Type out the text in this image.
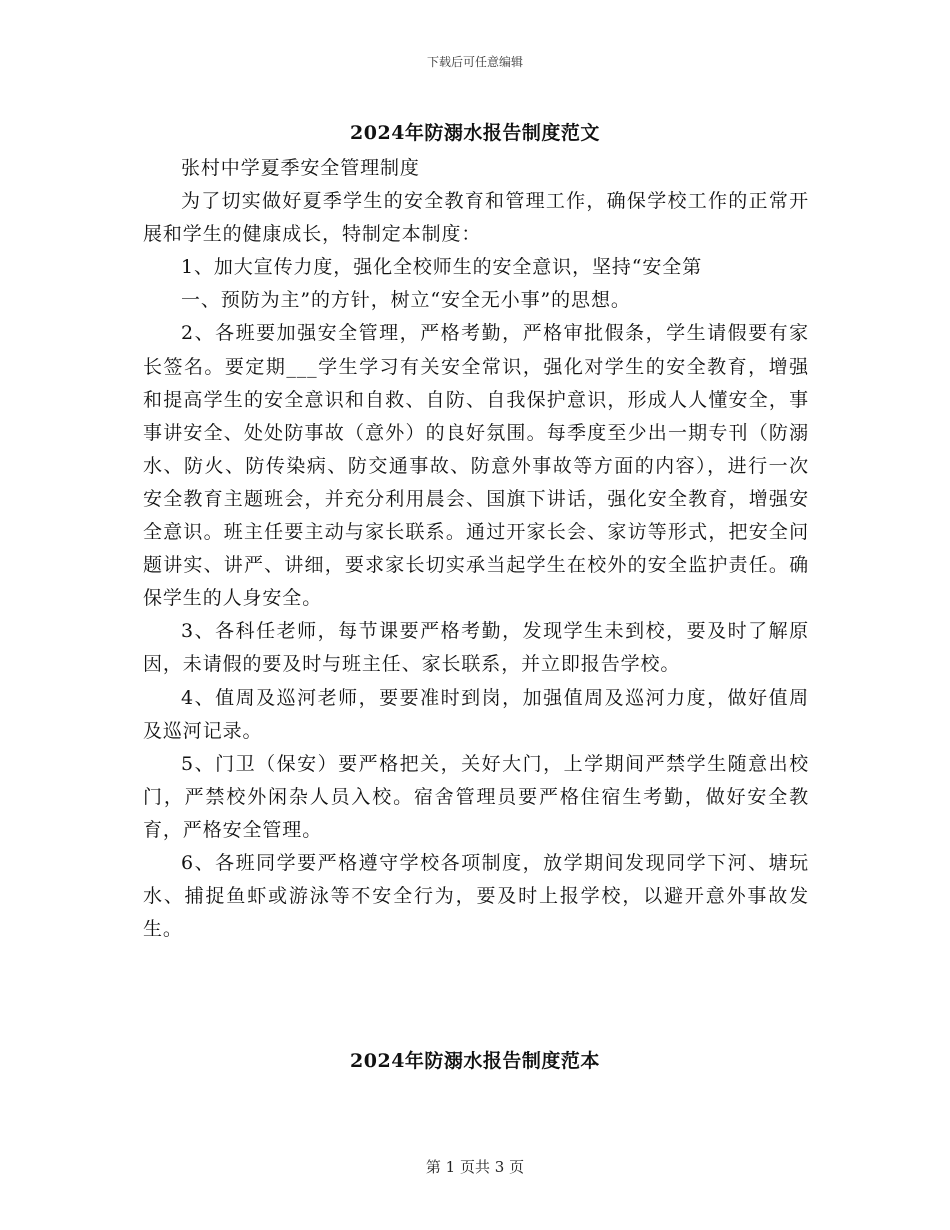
下载后可任意编辑
2024年防溺水报告制度范文

张村中学夏季安全管理制度

为了切实做好夏季学生的安全教育和管理工作，确保学校工作的正常开展和学生的健康成长，特制定本制度：

1、加大宣传力度，强化全校师生的安全意识，坚持“安全第

一、预防为主”的方针，树立“安全无小事”的思想。

2、各班要加强安全管理，严格考勤，严格审批假条，学生请假要有家长签名。要定期___学生学习有关安全常识，强化对学生的安全教育，增强和提高学生的安全意识和自救、自防、自我保护意识，形成人人懂安全，事事讲安全、处处防事故（意外）的良好氛围。每季度至少出一期专刊（防溺水、防火、防传染病、防交通事故、防意外事故等方面的内容），进行一次安全教育主题班会，并充分利用晨会、国旗下讲话，强化安全教育，增强安全意识。班主任要主动与家长联系。通过开家长会、家访等形式，把安全问题讲实、讲严、讲细，要求家长切实承当起学生在校外的安全监护责任。确保学生的人身安全。

3、各科任老师，每节课要严格考勤，发现学生未到校，要及时了解原因，未请假的要及时与班主任、家长联系，并立即报告学校。

4、值周及巡河老师，要要准时到岗，加强值周及巡河力度，做好值周及巡河记录。

5、门卫（保安）要严格把关，关好大门，上学期间严禁学生随意出校门，严禁校外闲杂人员入校。宿舍管理员要严格住宿生考勤，做好安全教育，严格安全管理。

6、各班同学要严格遵守学校各项制度，放学期间发现同学下河、塘玩水、捕捉鱼虾或游泳等不安全行为，要及时上报学校，以避开意外事故发生。

2024年防溺水报告制度范本
第 1 页共 3 页
